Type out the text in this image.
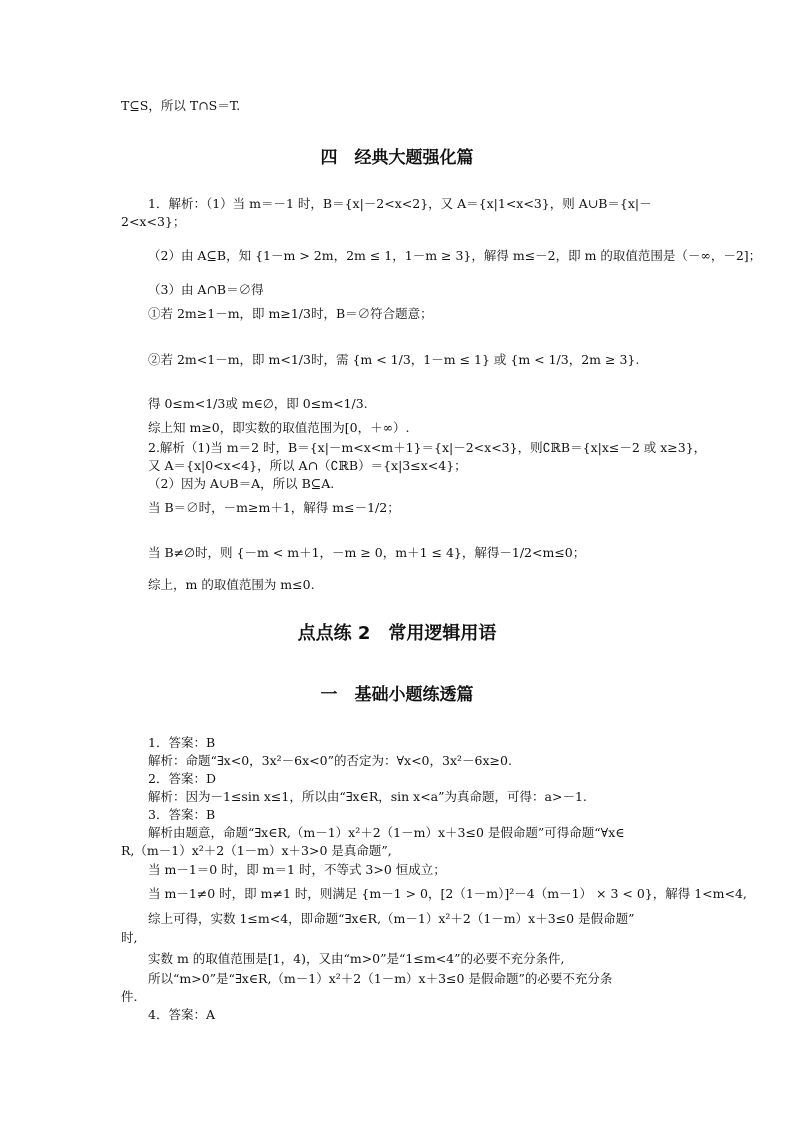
T⊆S，所以 T∩S＝T.
四　经典大题强化篇
1．解析：（1）当 m＝－1 时，B＝{x|－2<x<2}，又 A＝{x|1<x<3}，则 A∪B＝{x|－
2<x<3}；
（2）由 A⊆B，知 {1－m > 2m，2m ≤ 1，1－m ≥ 3}，解得 m≤－2，即 m 的取值范围是（－∞，－2]；
（3）由 A∩B＝∅得
①若 2m≥1－m，即 m≥1/3时，B＝∅符合题意；
②若 2m<1－m，即 m<1/3时，需 {m < 1/3，1－m ≤ 1} 或 {m < 1/3，2m ≥ 3}.
得 0≤m<1/3或 m∈∅，即 0≤m<1/3.
综上知 m≥0，即实数的取值范围为[0，＋∞）.
2.解析（1)当 m＝2 时，B＝{x|－m<x<m＋1}＝{x|－2<x<3}，则∁ℝB＝{x|x≤－2 或 x≥3}，
又 A＝{x|0<x<4}，所以 A∩（∁ℝB）＝{x|3≤x<4}；
（2）因为 A∪B＝A，所以 B⊆A.
当 B＝∅时，－m≥m＋1，解得 m≤－1/2；
当 B≠∅时，则 {－m < m＋1，－m ≥ 0，m＋1 ≤ 4}，解得－1/2<m≤0；
综上，m 的取值范围为 m≤0.
点点练 2　常用逻辑用语
一　基础小题练透篇
1．答案：B
解析：命题“∃x<0，3x²－6x<0”的否定为：∀x<0，3x²－6x≥0.
2．答案：D
解析：因为－1≤sin x≤1，所以由“∃x∈R，sin x<a”为真命题，可得：a>－1.
3．答案：B
解析由题意，命题“∃x∈R,（m－1）x²＋2（1－m）x＋3≤0 是假命题”可得命题“∀x∈
R,（m－1）x²＋2（1－m）x＋3>0 是真命题”,
当 m－1＝0 时，即 m＝1 时，不等式 3>0 恒成立；
当 m－1≠0 时，即 m≠1 时，则满足 {m－1 > 0，[2（1－m）]²－4（m－1） × 3 < 0}，解得 1<m<4,
综上可得，实数 1≤m<4，即命题“∃x∈R,（m－1）x²＋2（1－m）x＋3≤0 是假命题”
时,
实数 m 的取值范围是[1，4)，又由“m>0”是“1≤m<4”的必要不充分条件,
所以“m>0”是“∃x∈R,（m－1）x²＋2（1－m）x＋3≤0 是假命题”的必要不充分条
件.
4．答案：A
